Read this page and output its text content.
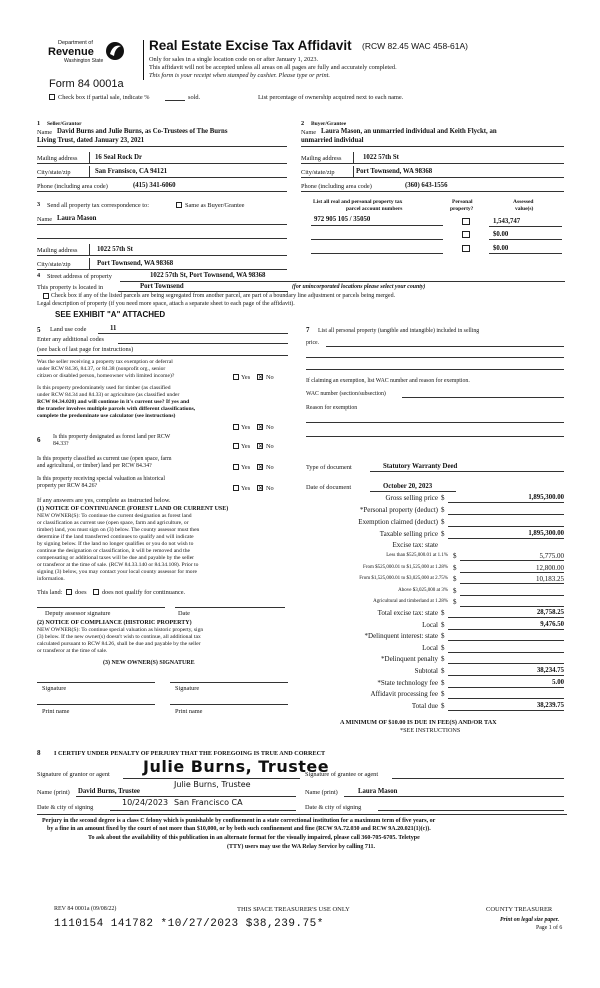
Department of
Revenue
Washington State
Real Estate Excise Tax Affidavit (RCW 82.45 WAC 458-61A)
Only for sales in a single location code on or after January 1, 2023.
This affidavit will not be accepted unless all areas on all pages are fully and accurately completed.
This form is your receipt when stamped by cashier. Please type or print.
Form 84 0001a
Check box if partial sale, indicate %	sold.	List percentage of ownership acquired next to each name.
1 Seller/Grantor
Name David Burns and Julie Burns, as Co-Trustees of The Burns
Living Trust, dated January 23, 2021
Mailing address	16 Seal Rock Dr
City/state/zip	San Fransisco, CA 94121
Phone (including area code)	(415) 341-6060
2 Buyer/Grantee
Name Laura Mason, an unmarried individual and Keith Flyckt, an
unmarried individual
Mailing address	1022 57th St
City/state/zip	Port Townsend, WA 98368
Phone (including area code)	(360) 643-1556
3 Send all property tax correspondence to:	Same as Buyer/Grantee
Name Laura Mason
Mailing address	1022 57th St
City/state/zip	Port Townsend, WA 98368
List all real and personal property tax
parcel account numbers
Personal
property?
Assessed
value(s)
972 905 105 / 35050	1,543,747
$0.00
$0.00
4 Street address of property	1022 57th St, Port Townsend, WA 98368
This property is located in	Port Townsend	(for unincorporated locations please select your county)
Check box if any of the listed parcels are being segregated from another parcel, are part of a boundary line adjustment or parcels being merged.
Legal description of property (if you need more space, attach a separate sheet to each page of the affidavit).
SEE EXHIBIT "A" ATTACHED
5 Land use code	11
Enter any additional codes
(see back of last page for instructions)
Was the seller receiving a property tax exemption or deferral
under RCW 84.36, 84.37, or 84.38 (nonprofit org., senior
citizen or disabled person, homeowner with limited income)?	Yes ✕ No
Is this property predominately used for timber (as classified
under RCW 84.34 and 84.33) or agriculture (as classified under
RCW 84.34.020) and will continue in it's current use? If yes and
the transfer involves multiple parcels with different classifications,
complete the predominate use calculator (see instructions)
Yes ✕ No
6 Is this property designated as forest land per RCW
84.33?	Yes ✕ No
Is this property classified as current use (open space, farm
and agricultural, or timber) land per RCW 84.34?	Yes ✕ No
Is this property receiving special valuation as historical
property per RCW 84.26?	Yes ✕ No
If any answers are yes, complete as instructed below.
(1) NOTICE OF CONTINUANCE (FOREST LAND OR CURRENT USE)
NEW OWNER(S): To continue the current designation as forest land
or classification as current use (open space, farm and agriculture, or
timber) land, you must sign on (3) below. The county assessor must then
determine if the land transferred continues to qualify and will indicate
by signing below. If the land no longer qualifies or you do not wish to
continue the designation or classification, it will be removed and the
compensating or additional taxes will be due and payable by the seller
or transferor at the time of sale. (RCW 84.33.140 or 84.34.108). Prior to
signing (3) below, you may contact your local county assessor for more
information.
This land: does does not qualify for continuance.
Deputy assessor signature	Date
(2) NOTICE OF COMPLIANCE (HISTORIC PROPERTY)
NEW OWNER(S): To continue special valuation as historic property, sign
(3) below. If the new owner(s) doesn't wish to continue, all additional tax
calculated pursuant to RCW 84.26, shall be due and payable by the seller
or transferor at the time of sale.
(3) NEW OWNER(S) SIGNATURE
Signature	Signature
Print name	Print name
7 List all personal property (tangible and intangible) included in selling
price.
If claiming an exemption, list WAC number and reason for exemption.
WAC number (section/subsection)
Reason for exemption
Type of document	Statutory Warranty Deed
Date of document	October 20, 2023
Gross selling price $	1,895,300.00
*Personal property (deduct) $
Exemption claimed (deduct) $
Taxable selling price $	1,895,300.00
Excise tax: state
Less than $525,000.01 at 1.1% $	5,775.00
From $525,000.01 to $1,525,000 at 1.28% $	12,800.00
From $1,525,000.01 to $3,025,000 at 2.75% $	10,183.25
Above $3,025,000 at 3% $
Agricultural and timberland at 1.28% $
Total excise tax: state $	28,758.25
Local $	9,476.50
*Delinquent interest: state $
Local $
*Delinquent penalty $
Subtotal $	38,234.75
*State technology fee $	5.00
Affidavit processing fee $
Total due $	38,239.75
A MINIMUM OF $10.00 IS DUE IN FEE(S) AND/OR TAX
*SEE INSTRUCTIONS
8 I CERTIFY UNDER PENALTY OF PERJURY THAT THE FOREGOING IS TRUE AND CORRECT
Signature of grantor or agent Julie Burns, Trustee
Signature of grantee or agent
Julie Burns, Trustee
Name (print) David Burns, Trustee	Name (print)	Laura Mason
10/24/2023 San Francisco CA
Date & city of signing	Date & city of signing
Perjury in the second degree is a class C felony which is punishable by confinement in a state correctional institution for a maximum term of five years, or
by a fine in an amount fixed by the court of not more than $10,000, or by both such confinement and fine (RCW 9A.72.030 and RCW 9A.20.021(1)(c)).
To ask about the availability of this publication in an alternate format for the visually impaired, please call 360-705-6705. Teletype
(TTY) users may use the WA Relay Service by calling 711.
REV 84 0001a (09/08/22)	THIS SPACE TREASURER'S USE ONLY	COUNTY TREASURER
1110154 141782 *10/27/2023 $38,239.75*	Print on legal size paper.
Page 1 of 6
